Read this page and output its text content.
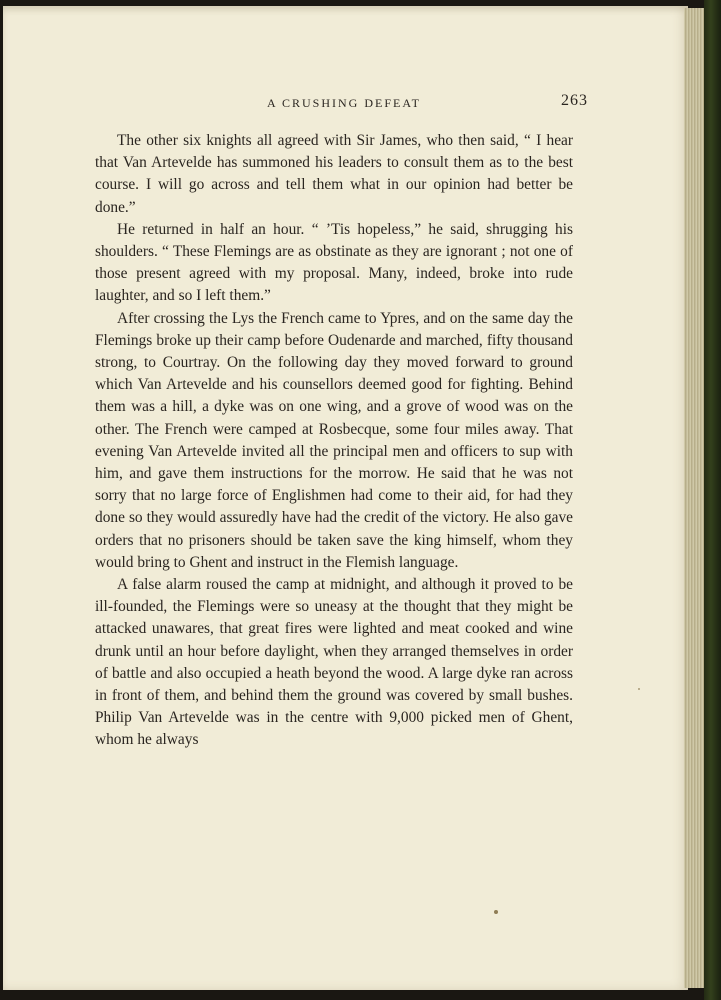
A CRUSHING DEFEAT	263

The other six knights all agreed with Sir James, who then said, “ I hear that Van Artevelde has summoned his leaders to consult them as to the best course. I will go across and tell them what in our opinion had better be done.”

He returned in half an hour. “ ’Tis hopeless,” he said, shrugging his shoulders. “ These Flemings are as obstinate as they are ignorant ; not one of those present agreed with my proposal. Many, indeed, broke into rude laughter, and so I left them.”

After crossing the Lys the French came to Ypres, and on the same day the Flemings broke up their camp before Oudenarde and marched, fifty thousand strong, to Courtray. On the following day they moved forward to ground which Van Artevelde and his counsellors deemed good for fighting. Behind them was a hill, a dyke was on one wing, and a grove of wood was on the other. The French were camped at Rosbecque, some four miles away. That evening Van Artevelde invited all the principal men and officers to sup with him, and gave them instructions for the morrow. He said that he was not sorry that no large force of Englishmen had come to their aid, for had they done so they would assuredly have had the credit of the victory. He also gave orders that no prisoners should be taken save the king himself, whom they would bring to Ghent and instruct in the Flemish language.

A false alarm roused the camp at midnight, and although it proved to be ill-founded, the Flemings were so uneasy at the thought that they might be attacked unawares, that great fires were lighted and meat cooked and wine drunk until an hour before daylight, when they arranged themselves in order of battle and also occupied a heath beyond the wood. A large dyke ran across in front of them, and behind them the ground was covered by small bushes. Philip Van Artevelde was in the centre with 9,000 picked men of Ghent, whom he always
